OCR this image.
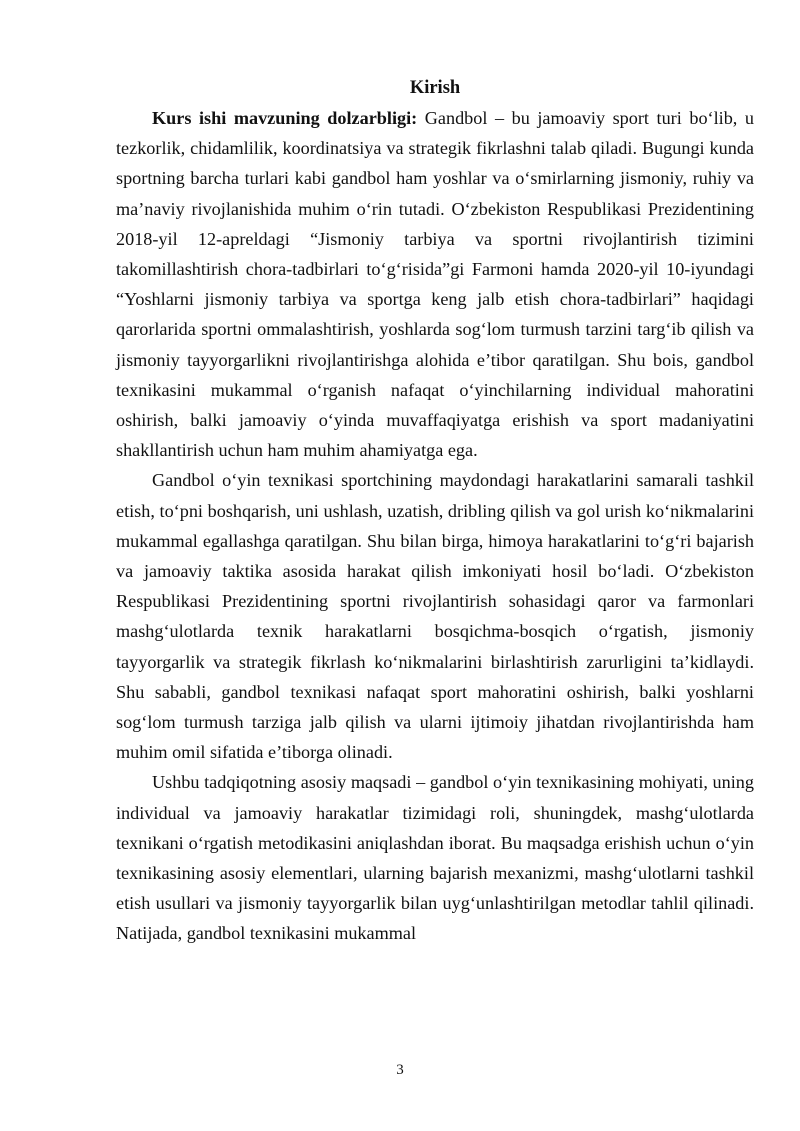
Kirish

Kurs ishi mavzuning dolzarbligi: Gandbol – bu jamoaviy sport turi bo‘lib, u tezkorlik, chidamlilik, koordinatsiya va strategik fikrlashni talab qiladi. Bugungi kunda sportning barcha turlari kabi gandbol ham yoshlar va o‘smirlarning jismoniy, ruhiy va ma’naviy rivojlanishida muhim o‘rin tutadi. O‘zbekiston Respublikasi Prezidentining 2018-yil 12-apreldagi “Jismoniy tarbiya va sportni rivojlantirish tizimini takomillashtirish chora-tadbirlari to‘g‘risida”gi Farmoni hamda 2020-yil 10-iyundagi “Yoshlarni jismoniy tarbiya va sportga keng jalb etish chora-tadbirlari” haqidagi qarorlarida sportni ommalashtirish, yoshlarda sog‘lom turmush tarzini targ‘ib qilish va jismoniy tayyorgarlikni rivojlantirishga alohida e’tibor qaratilgan. Shu bois, gandbol texnikasini mukammal o‘rganish nafaqat o‘yinchilarning individual mahoratini oshirish, balki jamoaviy o‘yinda muvaffaqiyatga erishish va sport madaniyatini shakllantirish uchun ham muhim ahamiyatga ega.

Gandbol o‘yin texnikasi sportchining maydondagi harakatlarini samarali tashkil etish, to‘pni boshqarish, uni ushlash, uzatish, dribling qilish va gol urish ko‘nikmalarini mukammal egallashga qaratilgan. Shu bilan birga, himoya harakatlarini to‘g‘ri bajarish va jamoaviy taktika asosida harakat qilish imkoniyati hosil bo‘ladi. O‘zbekiston Respublikasi Prezidentining sportni rivojlantirish sohasidagi qaror va farmonlari mashg‘ulotlarda texnik harakatlarni bosqichma-bosqich o‘rgatish, jismoniy tayyorgarlik va strategik fikrlash ko‘nikmalarini birlashtirish zarurligini ta’kidlaydi. Shu sababli, gandbol texnikasi nafaqat sport mahoratini oshirish, balki yoshlarni sog‘lom turmush tarziga jalb qilish va ularni ijtimoiy jihatdan rivojlantirishda ham muhim omil sifatida e’tiborga olinadi.

Ushbu tadqiqotning asosiy maqsadi – gandbol o‘yin texnikasining mohiyati, uning individual va jamoaviy harakatlar tizimidagi roli, shuningdek, mashg‘ulotlarda texnikani o‘rgatish metodikasini aniqlashdan iborat. Bu maqsadga erishish uchun o‘yin texnikasining asosiy elementlari, ularning bajarish mexanizmi, mashg‘ulotlarni tashkil etish usullari va jismoniy tayyorgarlik bilan uyg‘unlashtirilgan metodlar tahlil qilinadi. Natijada, gandbol texnikasini mukammal

3
